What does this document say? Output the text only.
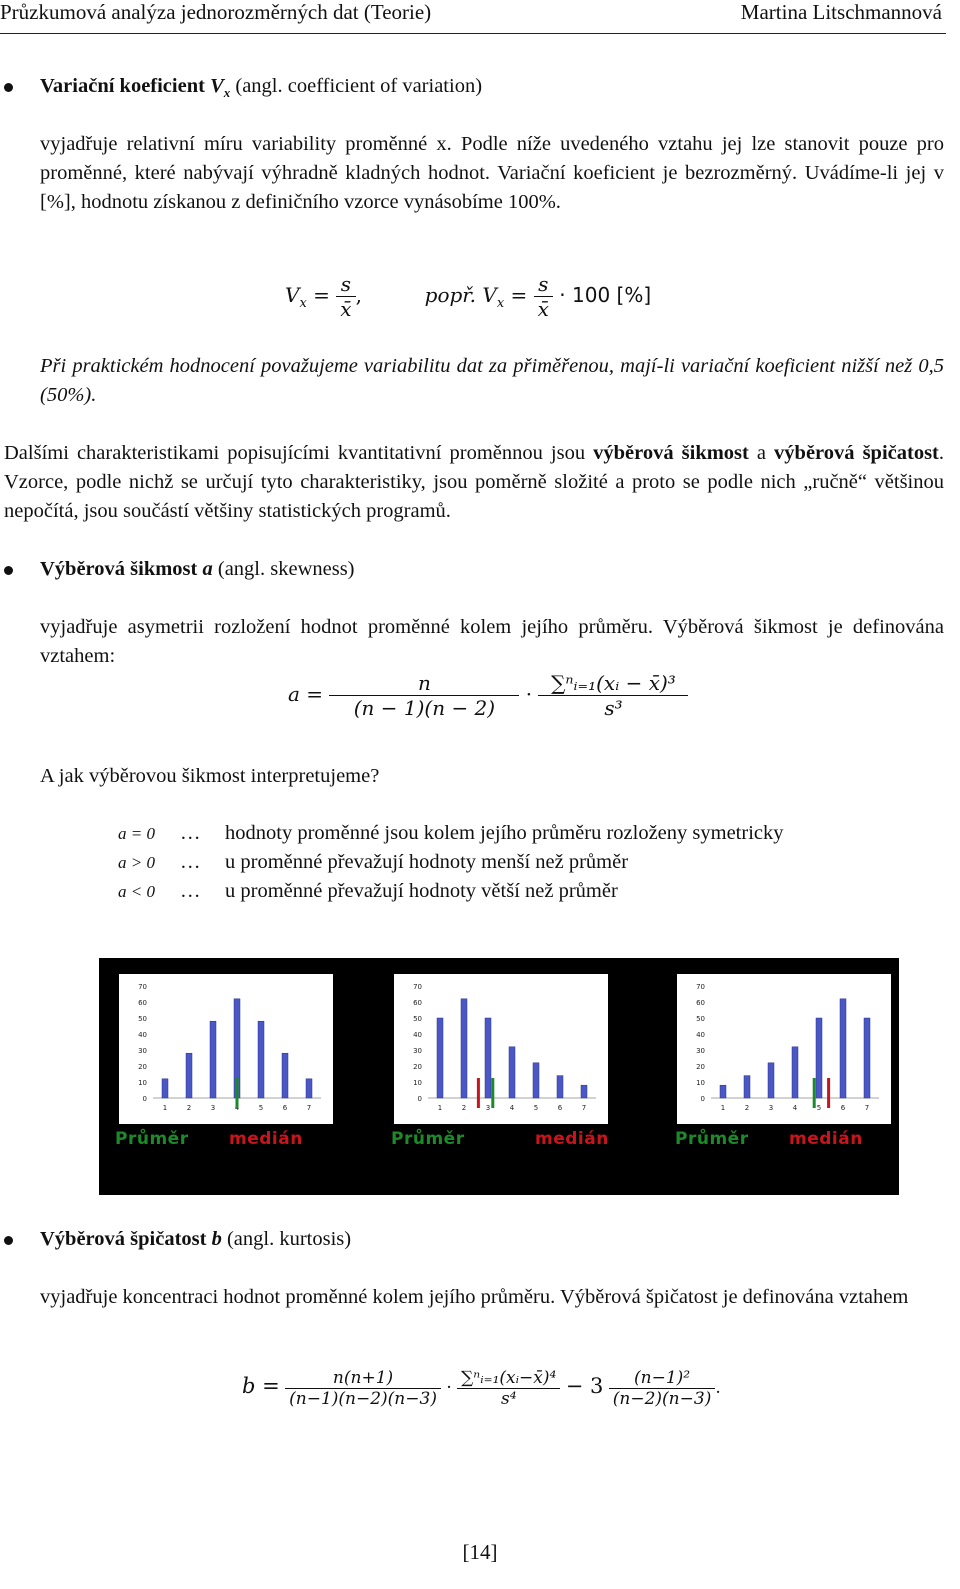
Průzkumová analýza jednorozměrných dat (Teorie)	Martina Litschmannová
Variační koeficient $V_x$ (angl. coefficient of variation)
vyjadřuje relativní míru variability proměnné x. Podle níže uvedeného vztahu jej lze stanovit pouze pro proměnné, které nabývají výhradně kladných hodnot. Variační koeficient je bezrozměrný. Uvádíme-li jej v [%], hodnotu získanou z definičního vzorce vynásobíme 100%.
$V_x = \frac{s}{x̄}$ ,	popř. $V_x = \frac{s}{x̄} \cdot 100$ [%]
Při praktickém hodnocení považujeme variabilitu dat za přiměřenou, mají-li variační koeficient nižší než 0,5 (50%).
Dalšími charakteristikami popisujícími kvantitativní proměnnou jsou výběrová šikmost a výběrová špičatost. Vzorce, podle nichž se určují tyto charakteristiky, jsou poměrně složité a proto se podle nich „ručně“ většinou nepočítá, jsou součástí většiny statistických programů.
Výběrová šikmost a (angl. skewness)
vyjadřuje asymetrii rozložení hodnot proměnné kolem jejího průměru. Výběrová šikmost je definována vztahem:
$a = \frac{n}{(n - 1)(n - 2)} \cdot \frac{\text{∑ⁿᵢ₌₁(xᵢ − x̄)³}}{\text{s³}}$
A jak výběrovou šikmost interpretujeme?
a = 0 … hodnoty proměnné jsou kolem jejího průměru rozloženy symetricky
a > 0 … u proměnné převažují hodnoty menší než průměr
a < 0 … u proměnné převažují hodnoty větší než průměr
70
60
50
40
30
20
10
0
1	2	3	5	6	7
70
60
50
40
30
20
10
0
1	2	3	4	5	6	7
70
60
50
40
30
20
10
0
1	2	3	4	5	6	7
Průměr medián	Průměr	medián	Průměr medián
Výběrová špičatost b (angl. kurtosis)
vyjadřuje koncentraci hodnot proměnné kolem jejího průměru. Výběrová špičatost je definována vztahem
$b = \frac{n(n+1)}{(n-1)(n-2)(n-3)} \cdot \frac{\text{∑ⁿᵢ₌₁(xᵢ−x̄)⁴}}{\text{s⁴}} - 3 \frac{\text{(n−1)²}}{(n-2)(n-3)}$ .
[14]
